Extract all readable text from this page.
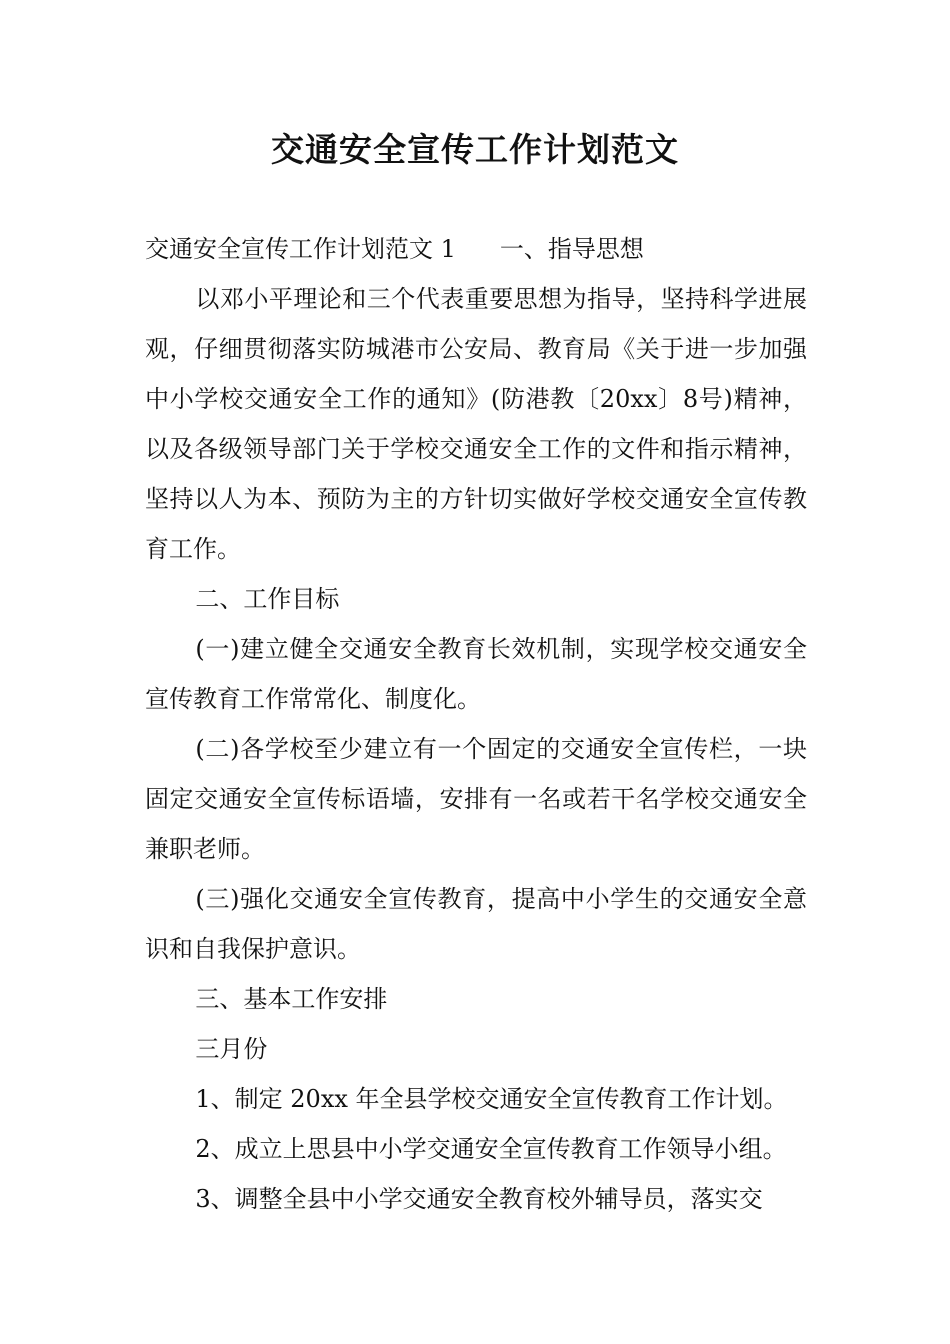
交通安全宣传工作计划范文

交通安全宣传工作计划范文 1 一、指导思想

以邓小平理论和三个代表重要思想为指导，坚持科学进展观，仔细贯彻落实防城港市公安局、教育局《关于进一步加强中小学校交通安全工作的通知》(防港教〔20xx〕8号)精神，以及各级领导部门关于学校交通安全工作的文件和指示精神，坚持以人为本、预防为主的方针切实做好学校交通安全宣传教育工作。

二、工作目标

(一)建立健全交通安全教育长效机制，实现学校交通安全宣传教育工作常常化、制度化。

(二)各学校至少建立有一个固定的交通安全宣传栏，一块固定交通安全宣传标语墙，安排有一名或若干名学校交通安全兼职老师。

(三)强化交通安全宣传教育，提高中小学生的交通安全意识和自我保护意识。

三、基本工作安排

三月份

1、制定 20xx 年全县学校交通安全宣传教育工作计划。

2、成立上思县中小学交通安全宣传教育工作领导小组。

3、调整全县中小学交通安全教育校外辅导员，落实交
